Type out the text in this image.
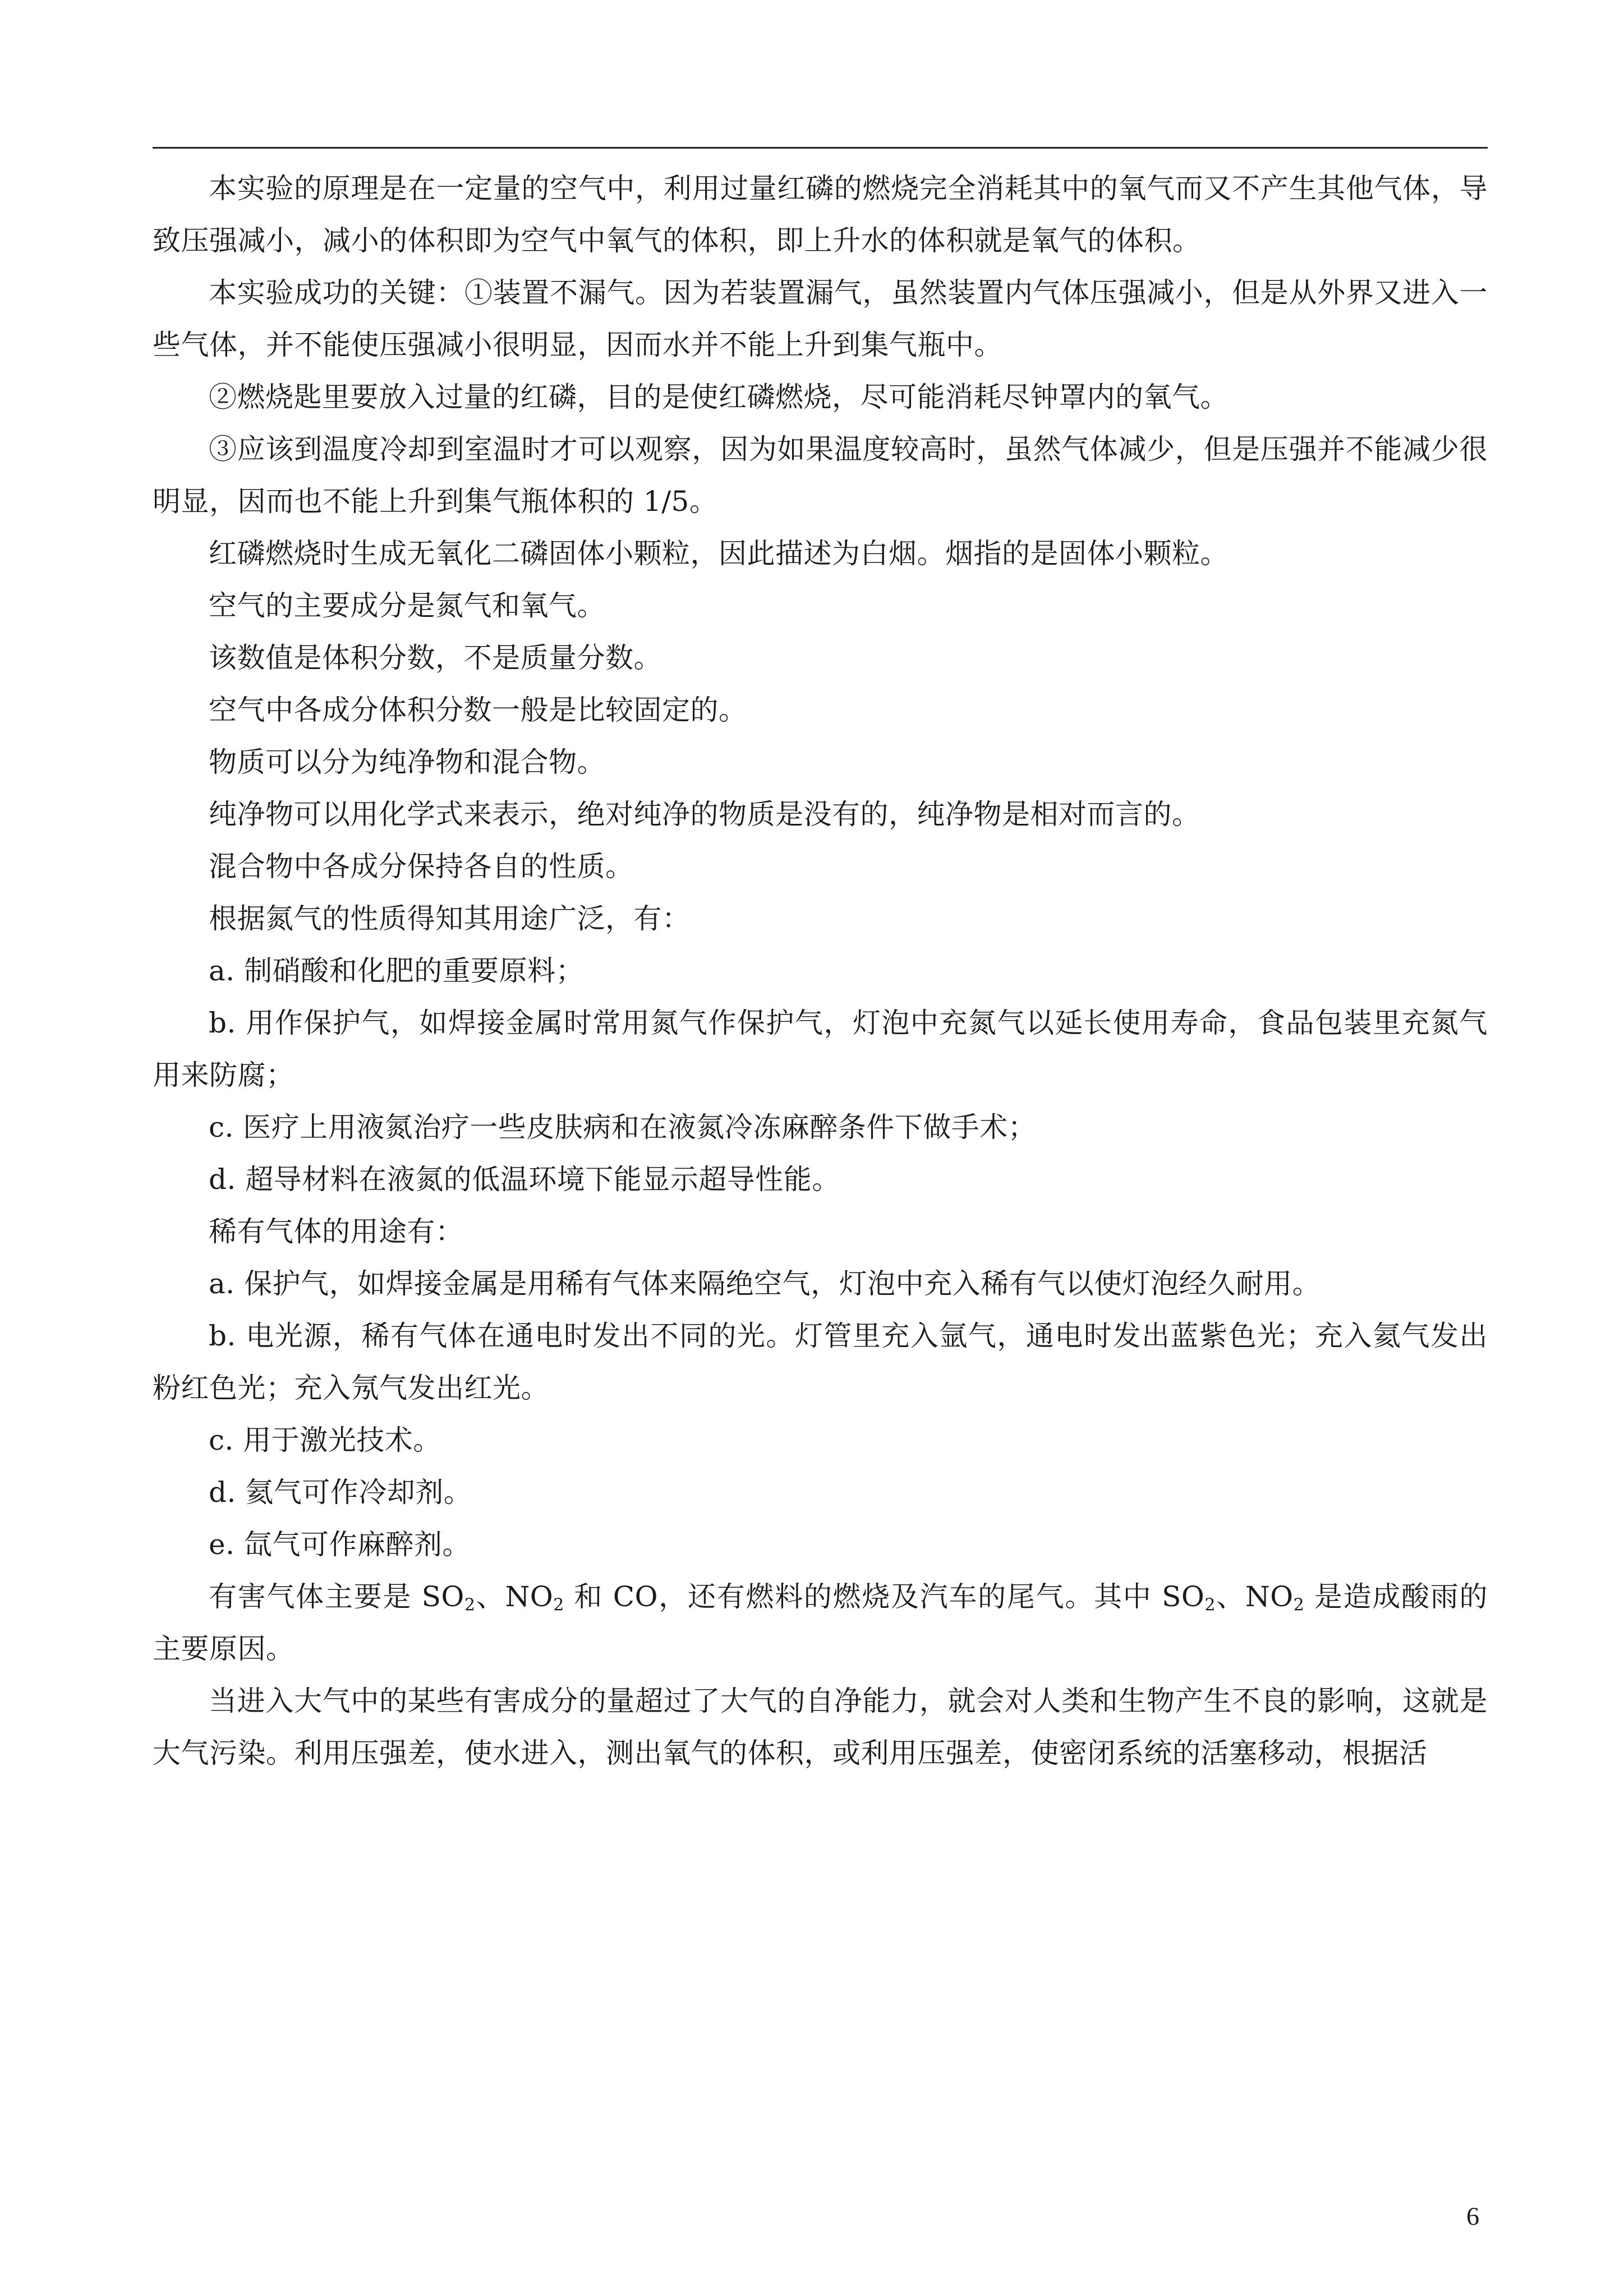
本实验的原理是在一定量的空气中，利用过量红磷的燃烧完全消耗其中的氧气而又不产生其他气体，导致压强减小，减小的体积即为空气中氧气的体积，即上升水的体积就是氧气的体积。

本实验成功的关键：①装置不漏气。因为若装置漏气，虽然装置内气体压强减小，但是从外界又进入一些气体，并不能使压强减小很明显，因而水并不能上升到集气瓶中。

②燃烧匙里要放入过量的红磷，目的是使红磷燃烧，尽可能消耗尽钟罩内的氧气。

③应该到温度冷却到室温时才可以观察，因为如果温度较高时，虽然气体减少，但是压强并不能减少很明显，因而也不能上升到集气瓶体积的 1/5。

红磷燃烧时生成无氧化二磷固体小颗粒，因此描述为白烟。烟指的是固体小颗粒。

空气的主要成分是氮气和氧气。

该数值是体积分数，不是质量分数。

空气中各成分体积分数一般是比较固定的。

物质可以分为纯净物和混合物。

纯净物可以用化学式来表示，绝对纯净的物质是没有的，纯净物是相对而言的。

混合物中各成分保持各自的性质。

根据氮气的性质得知其用途广泛，有：

a. 制硝酸和化肥的重要原料；

b. 用作保护气，如焊接金属时常用氮气作保护气，灯泡中充氮气以延长使用寿命，食品包装里充氮气用来防腐；

c. 医疗上用液氮治疗一些皮肤病和在液氮冷冻麻醉条件下做手术；

d. 超导材料在液氮的低温环境下能显示超导性能。

稀有气体的用途有：

a. 保护气，如焊接金属是用稀有气体来隔绝空气，灯泡中充入稀有气以使灯泡经久耐用。

b. 电光源，稀有气体在通电时发出不同的光。灯管里充入氩气，通电时发出蓝紫色光；充入氦气发出粉红色光；充入氖气发出红光。

c. 用于激光技术。

d. 氦气可作冷却剂。

e. 氙气可作麻醉剂。

有害气体主要是 $SO_2$、$NO_2$ 和 CO，还有燃料的燃烧及汽车的尾气。其中 $SO_2$、$NO_2$ 是造成酸雨的主要原因。

当进入大气中的某些有害成分的量超过了大气的自净能力，就会对人类和生物产生不良的影响，这就是大气污染。利用压强差，使水进入，测出氧气的体积，或利用压强差，使密闭系统的活塞移动，根据活

6
